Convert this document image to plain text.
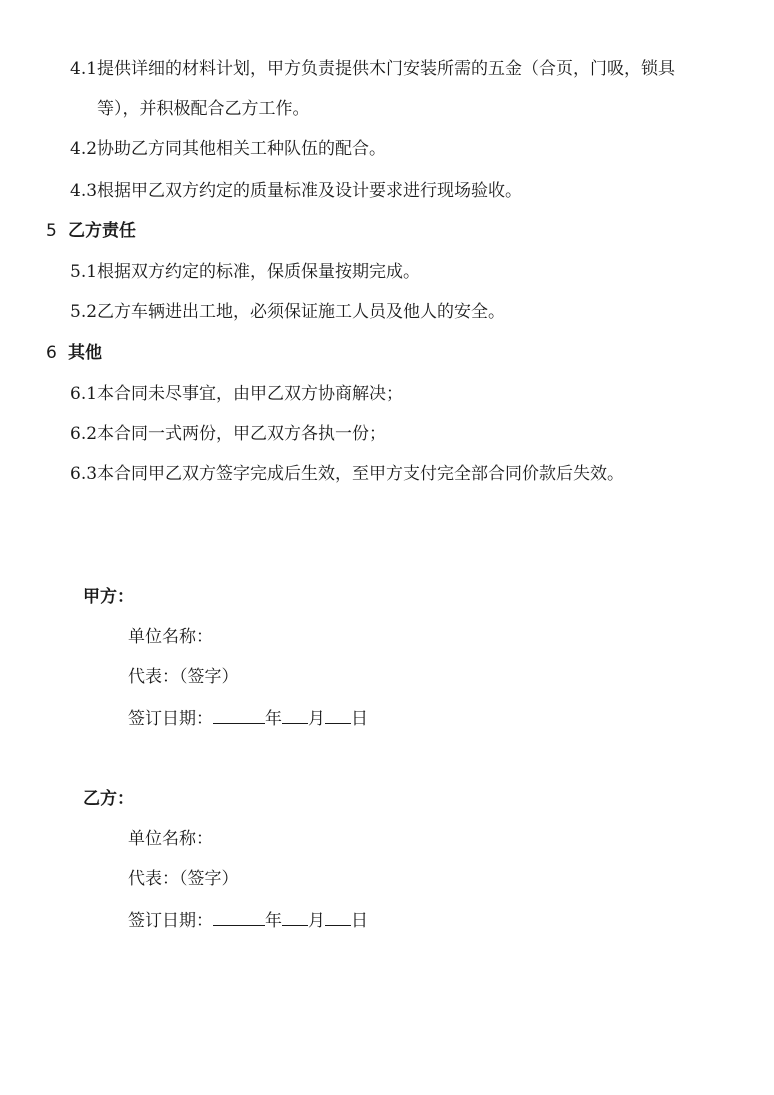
4.1提供详细的材料计划，甲方负责提供木门安装所需的五金（合页，门吸，锁具
等），并积极配合乙方工作。
4.2协助乙方同其他相关工种队伍的配合。
4.3根据甲乙双方约定的质量标准及设计要求进行现场验收。
5 乙方责任
5.1根据双方约定的标准，保质保量按期完成。
5.2乙方车辆进出工地，必须保证施工人员及他人的安全。
6 其他
6.1本合同未尽事宜，由甲乙双方协商解决；
6.2本合同一式两份，甲乙双方各执一份；
6.3本合同甲乙双方签字完成后生效，至甲方支付完全部合同价款后失效。
甲方：
单位名称：
代表：（签字）
签订日期：	年 月 日
乙方：
单位名称：
代表：（签字）
签订日期：	年 月 日
